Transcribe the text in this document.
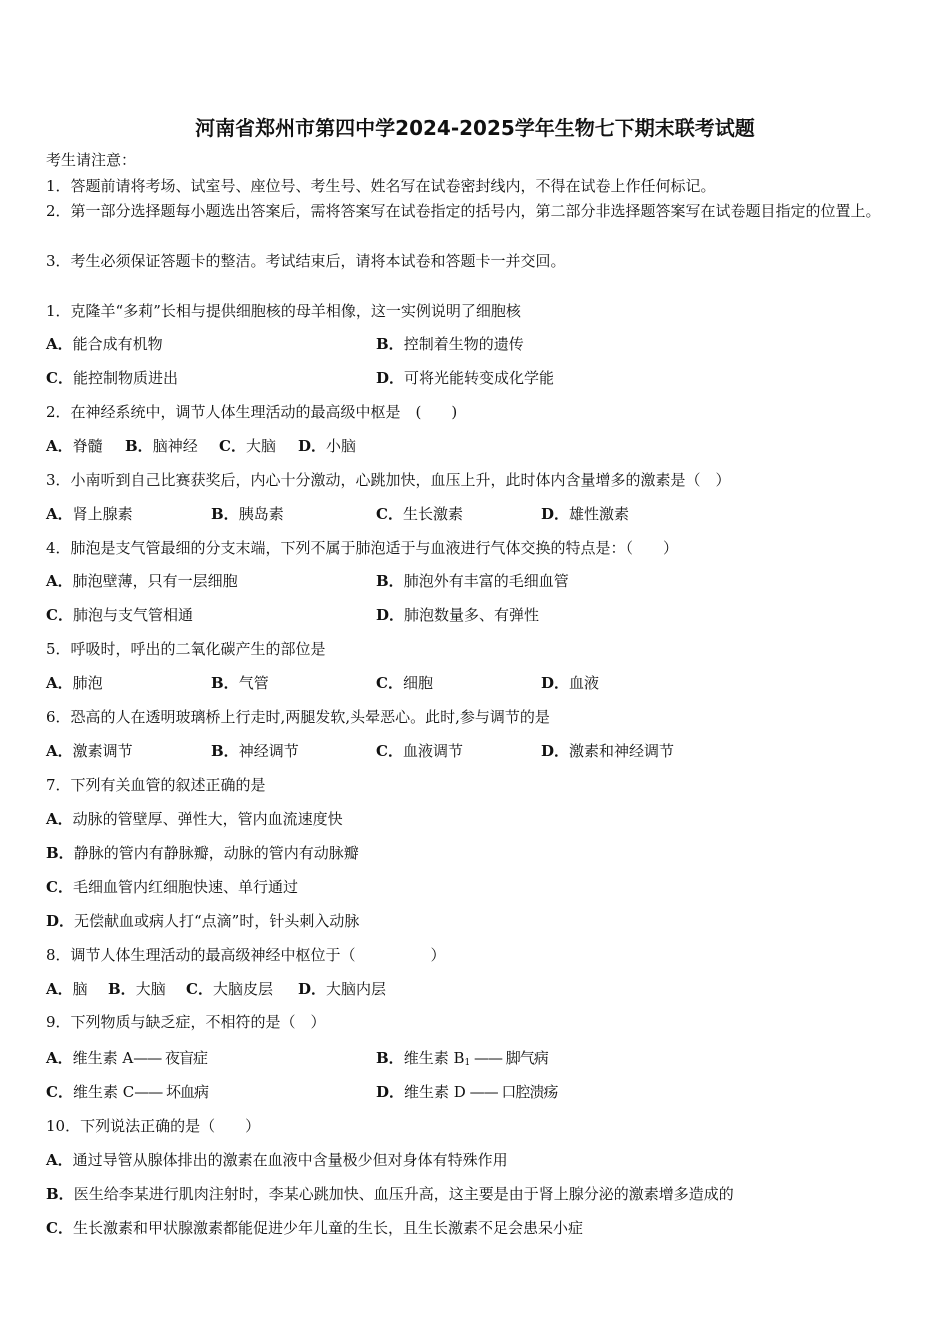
河南省郑州市第四中学2024-2025学年生物七下期末联考试题
考生请注意：
1．答题前请将考场、试室号、座位号、考生号、姓名写在试卷密封线内，不得在试卷上作任何标记。
2．第一部分选择题每小题选出答案后，需将答案写在试卷指定的括号内，第二部分非选择题答案写在试卷题目指定的位置上。
3．考生必须保证答题卡的整洁。考试结束后，请将本试卷和答题卡一并交回。
1．克隆羊“多莉”长相与提供细胞核的母羊相像，这一实例说明了细胞核
A．能合成有机物	B．控制着生物的遗传
C．能控制物质进出	D．可将光能转变成化学能
2．在神经系统中，调节人体生理活动的最高级中枢是　(　　)
A．脊髓 B．脑神经 C．大脑 D．小脑
3．小南听到自己比赛获奖后，内心十分激动，心跳加快，血压上升，此时体内含量增多的激素是（　）
A．肾上腺素	B．胰岛素	C．生长激素	D．雄性激素
4．肺泡是支气管最细的分支末端，下列不属于肺泡适于与血液进行气体交换的特点是：（　　）
A．肺泡壁薄，只有一层细胞	B．肺泡外有丰富的毛细血管
C．肺泡与支气管相通	D．肺泡数量多、有弹性
5．呼吸时，呼出的二氧化碳产生的部位是
A．肺泡	B．气管	C．细胞	D．血液
6．恐高的人在透明玻璃桥上行走时,两腿发软,头晕恶心。此时,参与调节的是
A．激素调节	B．神经调节	C．血液调节	D．激素和神经调节
7．下列有关血管的叙述正确的是
A．动脉的管壁厚、弹性大，管内血流速度快
B．静脉的管内有静脉瓣，动脉的管内有动脉瓣
C．毛细血管内红细胞快速、单行通过
D．无偿献血或病人打“点滴”时，针头刺入动脉
8．调节人体生理活动的最高级神经中枢位于（　　　　　）
A．脑 B．大脑 C．大脑皮层 D．大脑内层
9．下列物质与缺乏症，不相符的是（　）
A．维生素 A—— 夜盲症	B．维生素 $B_1$ —— 脚气病
C．维生素 C—— 坏血病	D．维生素 D —— 口腔溃疡
10．下列说法正确的是（　　）
A．通过导管从腺体排出的激素在血液中含量极少但对身体有特殊作用
B．医生给李某进行肌肉注射时，李某心跳加快、血压升高，这主要是由于肾上腺分泌的激素增多造成的
C．生长激素和甲状腺激素都能促进少年儿童的生长，且生长激素不足会患呆小症
